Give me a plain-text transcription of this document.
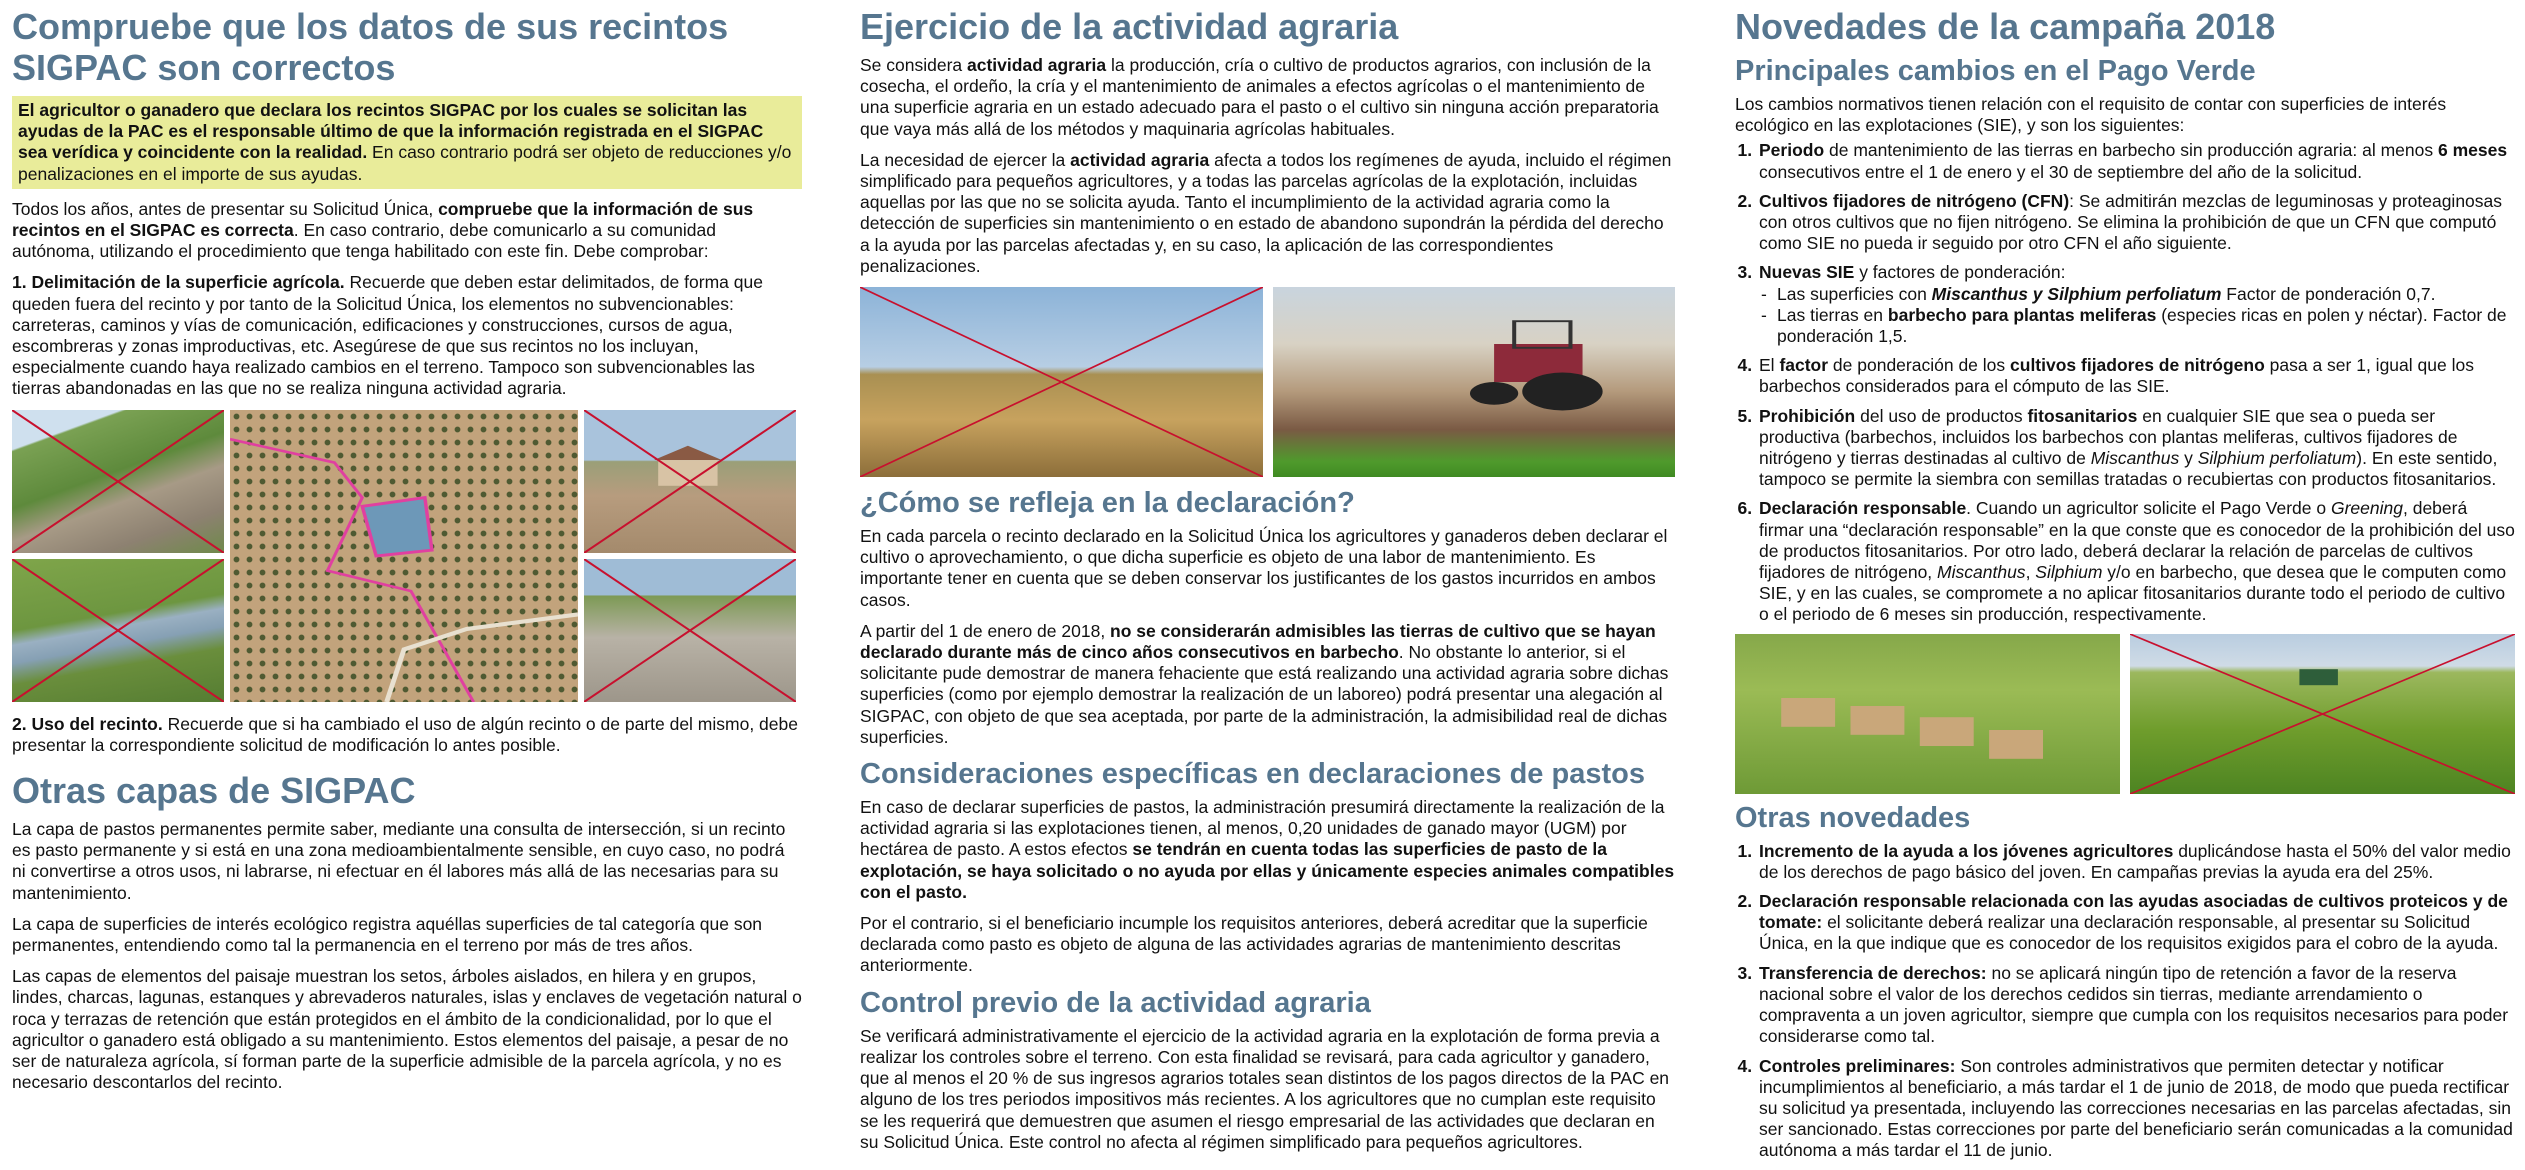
Compruebe que los datos de sus recintos SIGPAC son correctos

El agricultor o ganadero que declara los recintos SIGPAC por los cuales se solicitan las ayudas de la PAC es el responsable último de que la información registrada en el SIGPAC sea verídica y coincidente con la realidad. En caso contrario podrá ser objeto de reducciones y/o penalizaciones en el importe de sus ayudas.

Todos los años, antes de presentar su Solicitud Única, compruebe que la información de sus recintos en el SIGPAC es correcta. En caso contrario, debe comunicarlo a su comunidad autónoma, utilizando el procedimiento que tenga habilitado con este fin. Debe comprobar:

1. Delimitación de la superficie agrícola. Recuerde que deben estar delimitados, de forma que queden fuera del recinto y por tanto de la Solicitud Única, los elementos no subvencionables: carreteras, caminos y vías de comunicación, edificaciones y construcciones, cursos de agua, escombreras y zonas improductivas, etc. Asegúrese de que sus recintos no los incluyan, especialmente cuando haya realizado cambios en el terreno. Tampoco son subvencionables las tierras abandonadas en las que no se realiza ninguna actividad agraria.

2. Uso del recinto. Recuerde que si ha cambiado el uso de algún recinto o de parte del mismo, debe presentar la correspondiente solicitud de modificación lo antes posible.

Otras capas de SIGPAC

La capa de pastos permanentes permite saber, mediante una consulta de intersección, si un recinto es pasto permanente y si está en una zona medioambientalmente sensible, en cuyo caso, no podrá ni convertirse a otros usos, ni labrarse, ni efectuar en él labores más allá de las necesarias para su mantenimiento.

La capa de superficies de interés ecológico registra aquéllas superficies de tal categoría que son permanentes, entendiendo como tal la permanencia en el terreno por más de tres años.

Las capas de elementos del paisaje muestran los setos, árboles aislados, en hilera y en grupos, lindes, charcas, lagunas, estanques y abrevaderos naturales, islas y enclaves de vegetación natural o roca y terrazas de retención que están protegidos en el ámbito de la condicionalidad, por lo que el agricultor o ganadero está obligado a su mantenimiento. Estos elementos del paisaje, a pesar de no ser de naturaleza agrícola, sí forman parte de la superficie admisible de la parcela agrícola, y no es necesario descontarlos del recinto.

Ejercicio de la actividad agraria

Se considera actividad agraria la producción, cría o cultivo de productos agrarios, con inclusión de la cosecha, el ordeño, la cría y el mantenimiento de animales a efectos agrícolas o el mantenimiento de una superficie agraria en un estado adecuado para el pasto o el cultivo sin ninguna acción preparatoria que vaya más allá de los métodos y maquinaria agrícolas habituales.

La necesidad de ejercer la actividad agraria afecta a todos los regímenes de ayuda, incluido el régimen simplificado para pequeños agricultores, y a todas las parcelas agrícolas de la explotación, incluidas aquellas por las que no se solicita ayuda. Tanto el incumplimiento de la actividad agraria como la detección de superficies sin mantenimiento o en estado de abandono supondrán la pérdida del derecho a la ayuda por las parcelas afectadas y, en su caso, la aplicación de las correspondientes penalizaciones.

¿Cómo se refleja en la declaración?

En cada parcela o recinto declarado en la Solicitud Única los agricultores y ganaderos deben declarar el cultivo o aprovechamiento, o que dicha superficie es objeto de una labor de mantenimiento. Es importante tener en cuenta que se deben conservar los justificantes de los gastos incurridos en ambos casos.

A partir del 1 de enero de 2018, no se considerarán admisibles las tierras de cultivo que se hayan declarado durante más de cinco años consecutivos en barbecho. No obstante lo anterior, si el solicitante pude demostrar de manera fehaciente que está realizando una actividad agraria sobre dichas superficies (como por ejemplo demostrar la realización de un laboreo) podrá presentar una alegación al SIGPAC, con objeto de que sea aceptada, por parte de la administración, la admisibilidad real de dichas superficies.

Consideraciones específicas en declaraciones de pastos

En caso de declarar superficies de pastos, la administración presumirá directamente la realización de la actividad agraria si las explotaciones tienen, al menos, 0,20 unidades de ganado mayor (UGM) por hectárea de pasto. A estos efectos se tendrán en cuenta todas las superficies de pasto de la explotación, se haya solicitado o no ayuda por ellas y únicamente especies animales compatibles con el pasto.

Por el contrario, si el beneficiario incumple los requisitos anteriores, deberá acreditar que la superficie declarada como pasto es objeto de alguna de las actividades agrarias de mantenimiento descritas anteriormente.

Control previo de la actividad agraria

Se verificará administrativamente el ejercicio de la actividad agraria en la explotación de forma previa a realizar los controles sobre el terreno. Con esta finalidad se revisará, para cada agricultor y ganadero, que al menos el 20 % de sus ingresos agrarios totales sean distintos de los pagos directos de la PAC en alguno de los tres periodos impositivos más recientes. A los agricultores que no cumplan este requisito se les requerirá que demuestren que asumen el riesgo empresarial de las actividades que declaran en su Solicitud Única. Este control no afecta al régimen simplificado para pequeños agricultores.

Novedades de la campaña 2018
Principales cambios en el Pago Verde

Los cambios normativos tienen relación con el requisito de contar con superficies de interés ecológico en las explotaciones (SIE), y son los siguientes:

1. Periodo de mantenimiento de las tierras en barbecho sin producción agraria: al menos 6 meses consecutivos entre el 1 de enero y el 30 de septiembre del año de la solicitud.
2. Cultivos fijadores de nitrógeno (CFN): Se admitirán mezclas de leguminosas y proteaginosas con otros cultivos que no fijen nitrógeno. Se elimina la prohibición de que un CFN que computó como SIE no pueda ir seguido por otro CFN el año siguiente.
3. Nuevas SIE y factores de ponderación:
- Las superficies con Miscanthus y Silphium perfoliatum Factor de ponderación 0,7.
- Las tierras en barbecho para plantas meliferas (especies ricas en polen y néctar). Factor de ponderación 1,5.
4. El factor de ponderación de los cultivos fijadores de nitrógeno pasa a ser 1, igual que los barbechos considerados para el cómputo de las SIE.
5. Prohibición del uso de productos fitosanitarios en cualquier SIE que sea o pueda ser productiva (barbechos, incluidos los barbechos con plantas meliferas, cultivos fijadores de nitrógeno y tierras destinadas al cultivo de Miscanthus y Silphium perfoliatum). En este sentido, tampoco se permite la siembra con semillas tratadas o recubiertas con productos fitosanitarios.
6. Declaración responsable. Cuando un agricultor solicite el Pago Verde o Greening, deberá firmar una “declaración responsable” en la que conste que es conocedor de la prohibición del uso de productos fitosanitarios. Por otro lado, deberá declarar la relación de parcelas de cultivos fijadores de nitrógeno, Miscanthus, Silphium y/o en barbecho, que desea que le computen como SIE, y en las cuales, se compromete a no aplicar fitosanitarios durante todo el periodo de cultivo o el periodo de 6 meses sin producción, respectivamente.
Otras novedades
1. Incremento de la ayuda a los jóvenes agricultores duplicándose hasta el 50% del valor medio de los derechos de pago básico del joven. En campañas previas la ayuda era del 25%.
2. Declaración responsable relacionada con las ayudas asociadas de cultivos proteicos y de tomate: el solicitante deberá realizar una declaración responsable, al presentar su Solicitud Única, en la que indique que es conocedor de los requisitos exigidos para el cobro de la ayuda.
3. Transferencia de derechos: no se aplicará ningún tipo de retención a favor de la reserva nacional sobre el valor de los derechos cedidos sin tierras, mediante arrendamiento o compraventa a un joven agricultor, siempre que cumpla con los requisitos necesarios para poder considerarse como tal.
4. Controles preliminares: Son controles administrativos que permiten detectar y notificar incumplimientos al beneficiario, a más tardar el 1 de junio de 2018, de modo que pueda rectificar su solicitud ya presentada, incluyendo las correcciones necesarias en las parcelas afectadas, sin ser sancionado. Estas correcciones por parte del beneficiario serán comunicadas a la comunidad autónoma a más tardar el 11 de junio.
